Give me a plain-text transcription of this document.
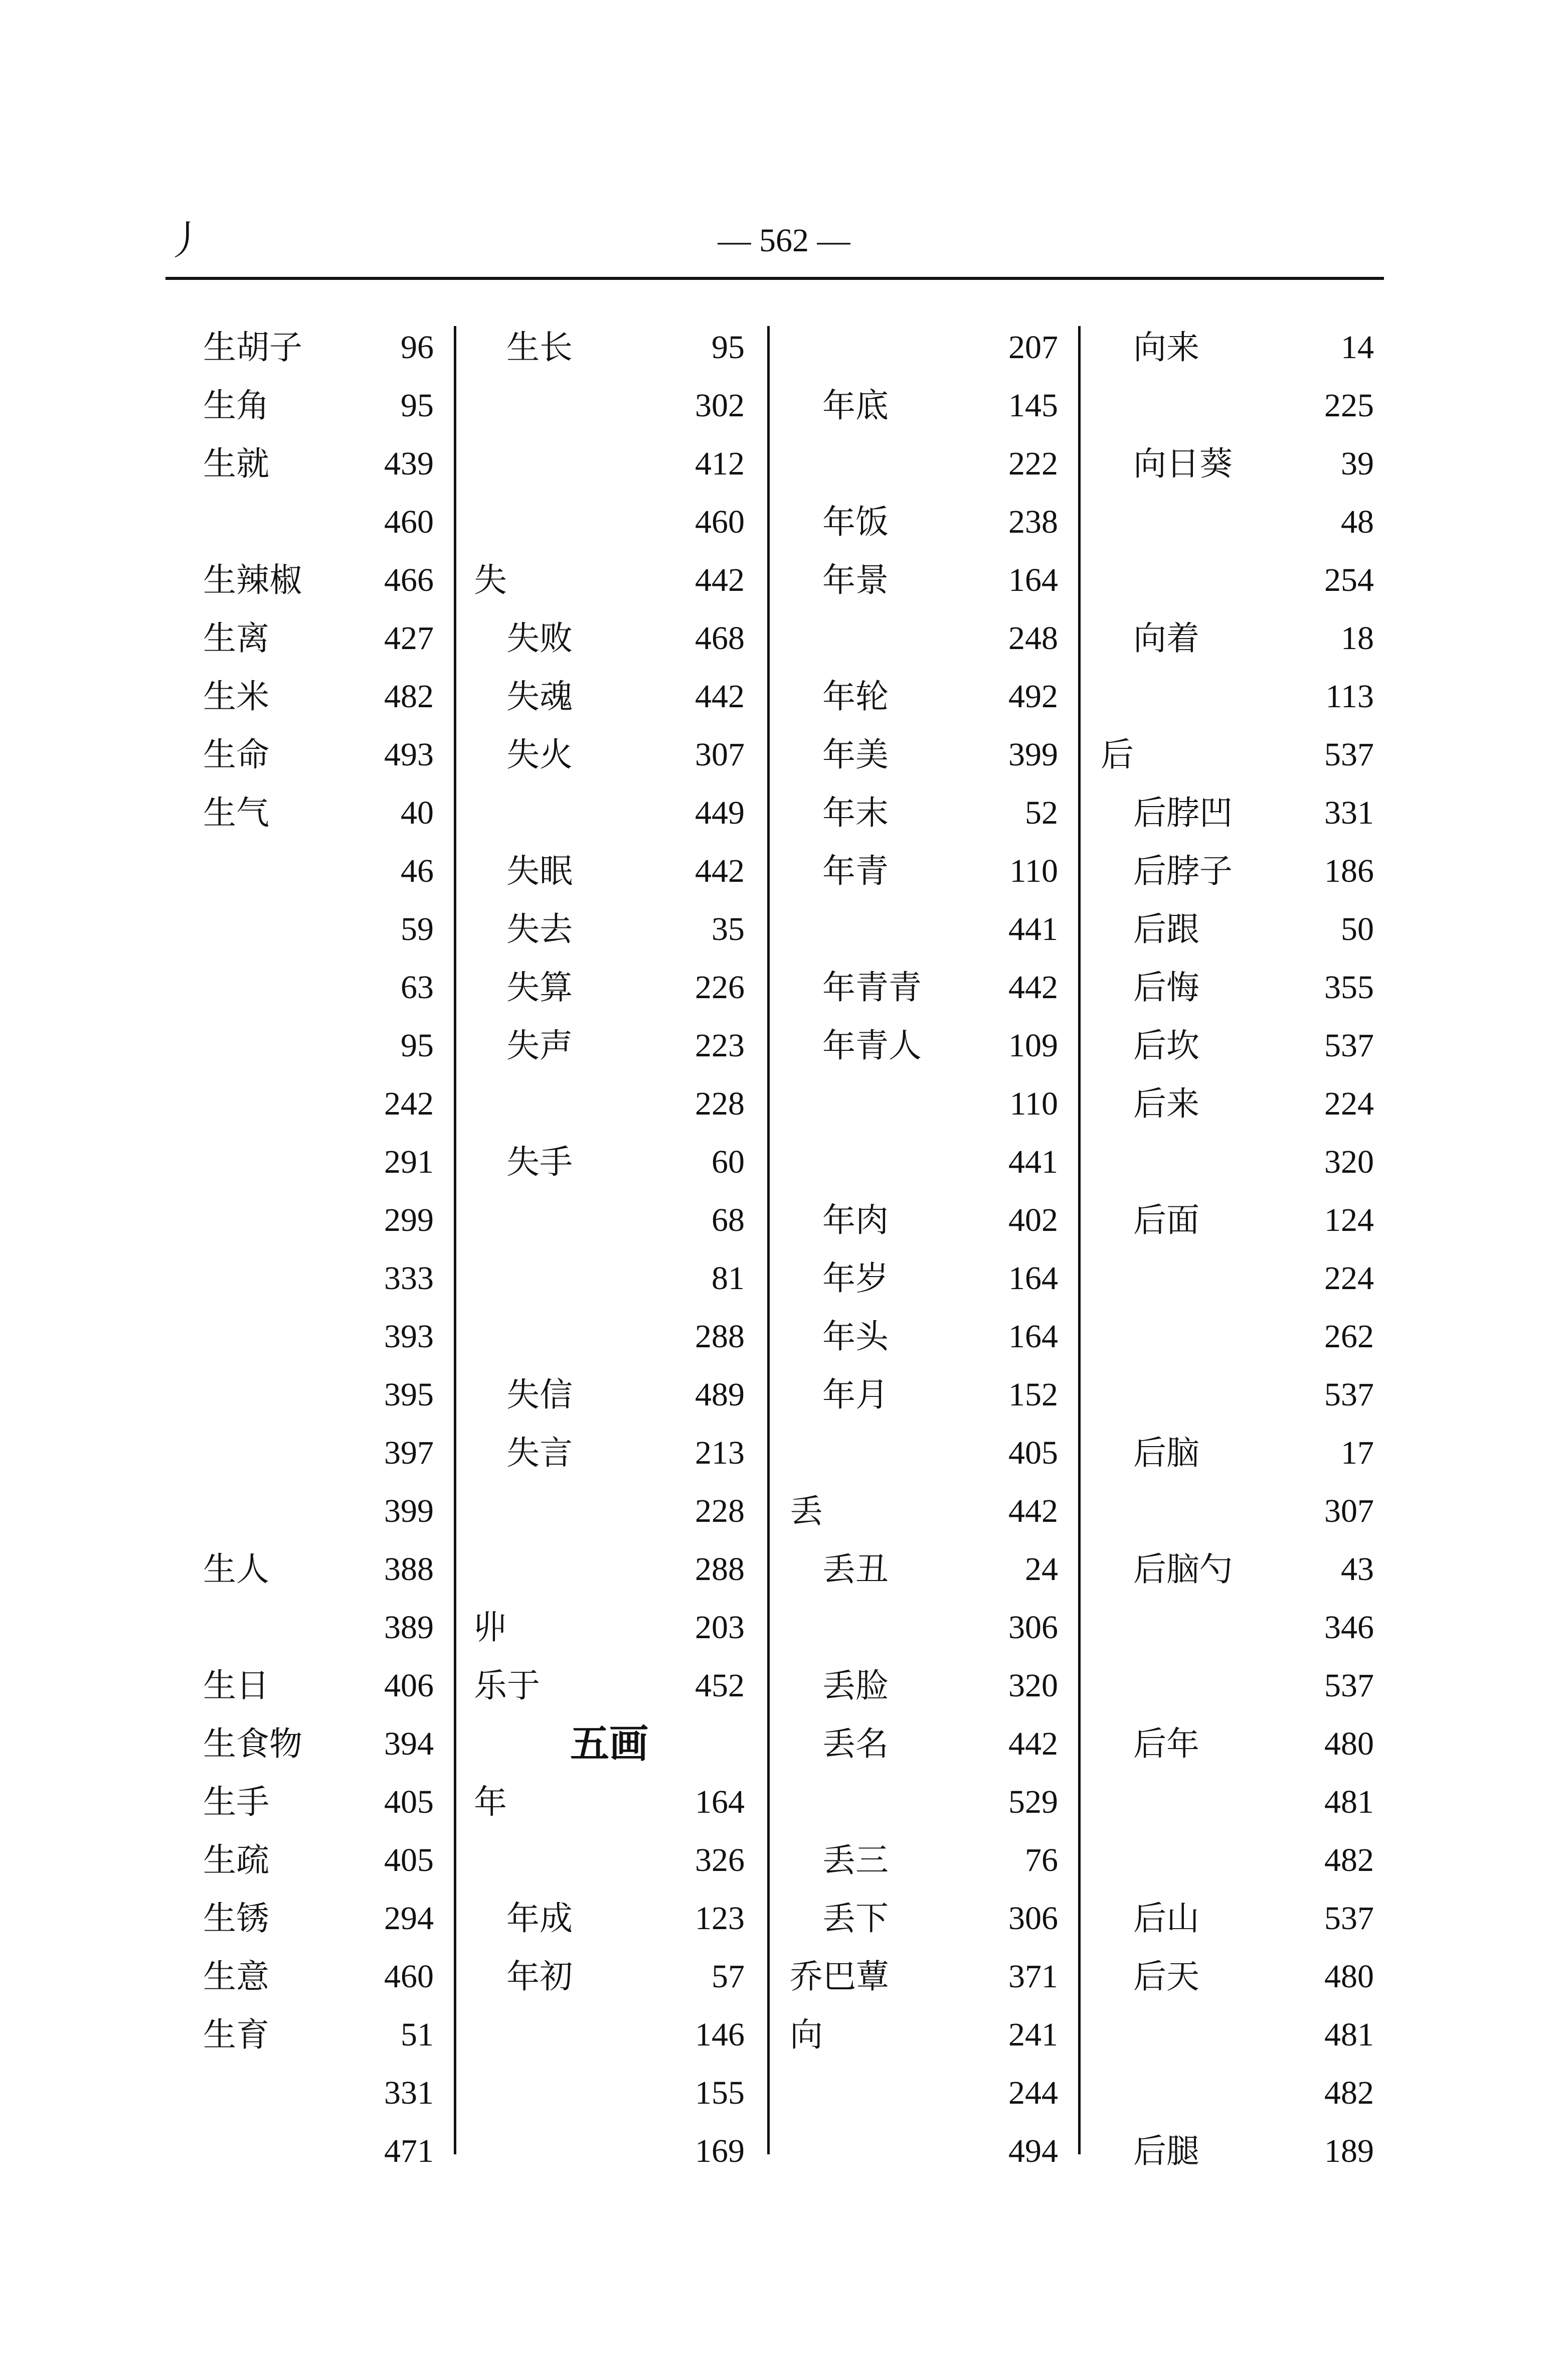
丿	— 562 —
生胡子	96
生角	95
生就	439
460
生辣椒 466
生离	427
生米	482
生命	493
生气	40
46
59
63
95
242
291
299
333
393
395
397
399
生人	388
389
生日	406
生食物 394
生手	405
生疏	405
生锈	294
生意	460
生育	51
331
471
生长	95
302
412
460
失	442
失败	468
失魂	442
失火	307
449
失眠	442
失去	35
失算	226
失声	223
228
失手	60
68
81
288
失信	489
失言	213
228
288
丱	203
乐于	452
五画
年	164
326
年成	123
年初	57
146
155
169
207
年底	145
222
年饭	238
年景	164
248
年轮	492
年美	399
年末	52
年青	110
441
年青青	442
年青人	109
110
441
年肉	402
年岁	164
年头	164
年月	152
405
丢	442
丢丑	24
306
丢脸	320
丢名	442
529
丢三	76
丢下	306
乔巴蕈	371
向	241
244
494
向来	14
225
向日葵	39
48
254
向着	18
113
后	537
后脖凹	331
后脖子	186
后跟	50
后悔	355
后坎	537
后来	224
320
后面	124
224
262
537
后脑	17
307
后脑勺	43
346
537
后年	480
481
482
后山	537
后天	480
481
482
后腿	189
